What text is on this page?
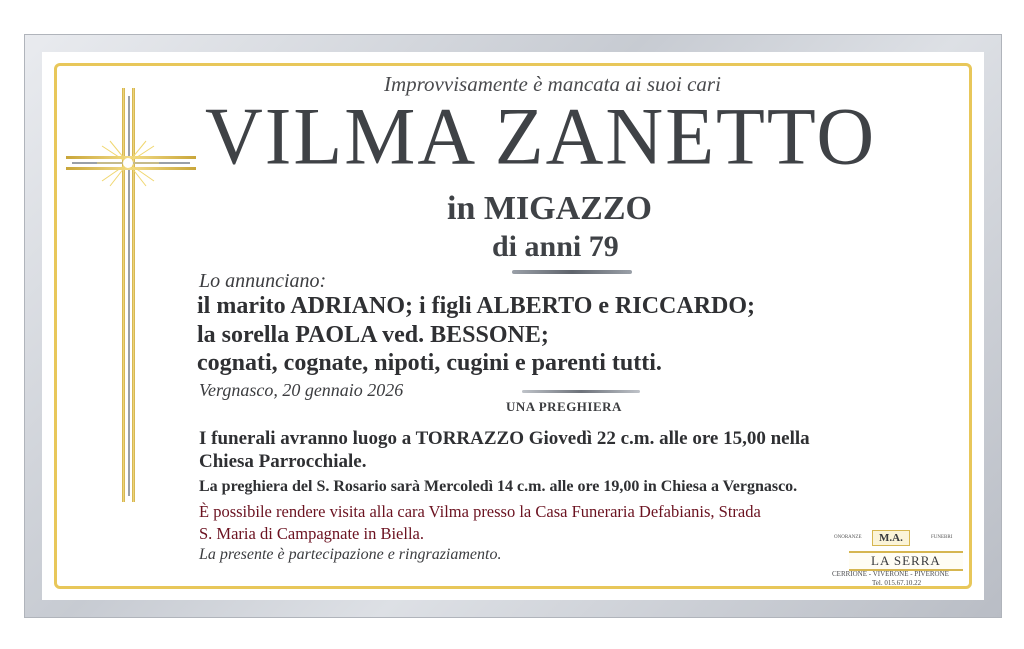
Improvvisamente è mancata ai suoi cari
VILMA ZANETTO
in MIGAZZO
di anni 79
Lo annunciano:
il marito ADRIANO; i figli ALBERTO e RICCARDO;
la sorella PAOLA ved. BESSONE;
cognati, cognate, nipoti, cugini e parenti tutti.
Vergnasco, 20 gennaio 2026
UNA PREGHIERA
I funerali avranno luogo a TORRAZZO Giovedì 22 c.m. alle ore 15,00 nella
Chiesa Parrocchiale.
La preghiera del S. Rosario sarà Mercoledì 14 c.m. alle ore 19,00 in Chiesa a Vergnasco.
È possibile rendere visita alla cara Vilma presso la Casa Funeraria Defabianis, Strada
S. Maria di Campagnate in Biella.
La presente è partecipazione e ringraziamento.
ONORANZE	M.A.	FUNEBRI
LA SERRA
CERRIONE - VIVERONE - PIVERONE
Tel. 015.67.10.22
